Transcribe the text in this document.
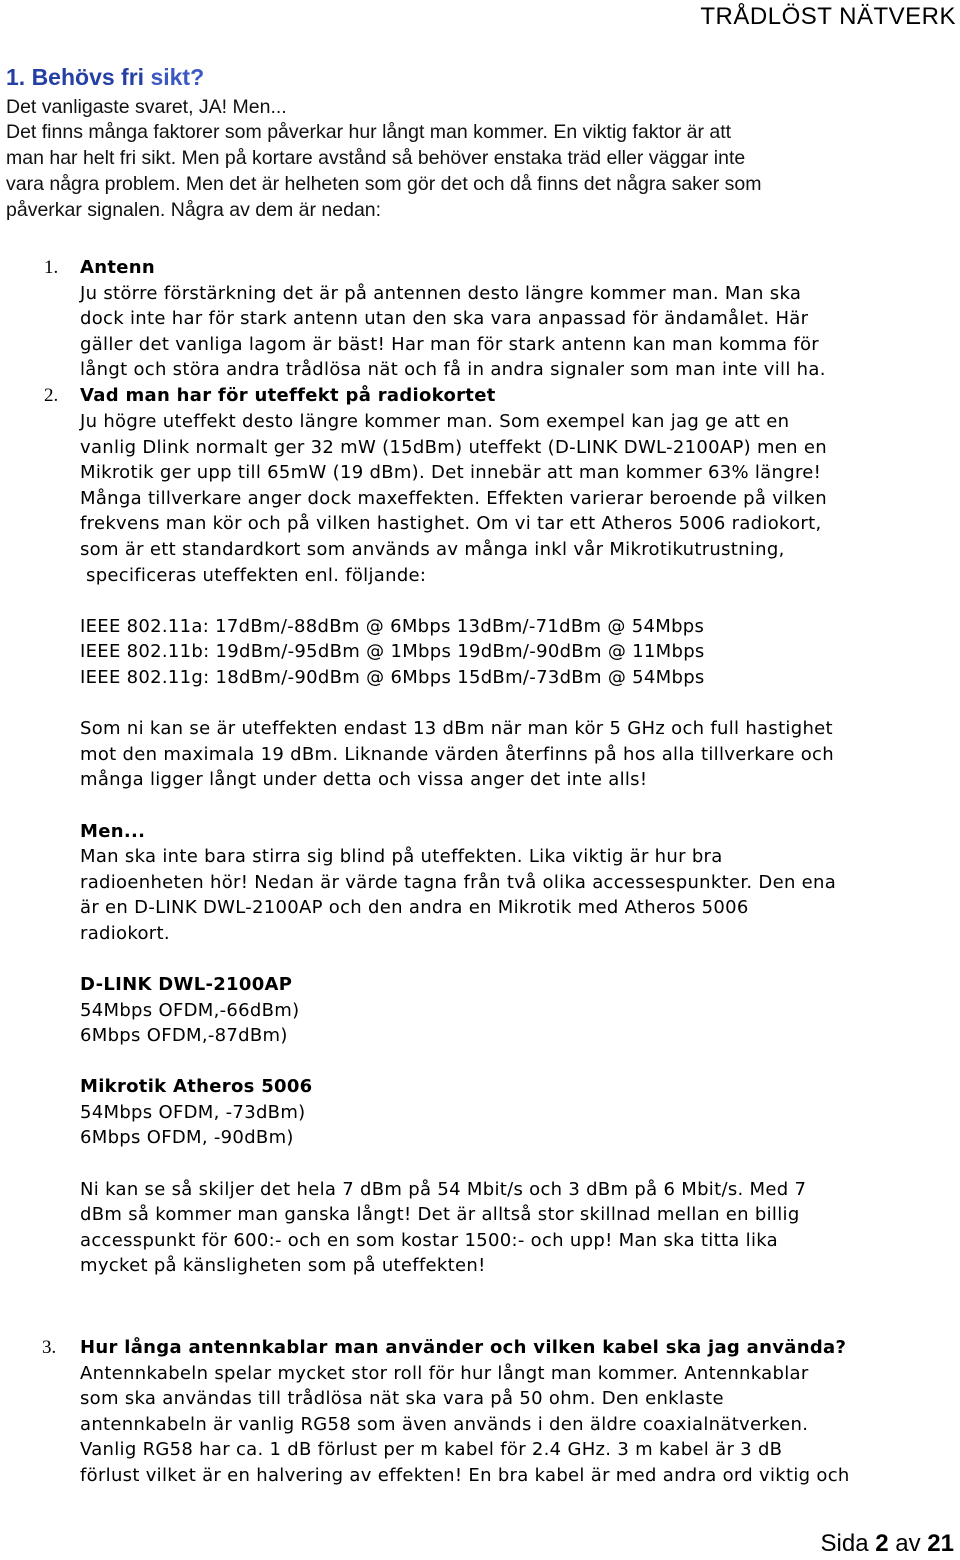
TRÅDLÖST NÄTVERK
1. Behövs fri sikt?
Det vanligaste svaret, JA! Men...
Det finns många faktorer som påverkar hur långt man kommer. En viktig faktor är att
man har helt fri sikt. Men på kortare avstånd så behöver enstaka träd eller väggar inte
vara några problem. Men det är helheten som gör det och då finns det några saker som
påverkar signalen. Några av dem är nedan:
1. Antenn
Ju större förstärkning det är på antennen desto längre kommer man. Man ska
dock inte har för stark antenn utan den ska vara anpassad för ändamålet. Här
gäller det vanliga lagom är bäst! Har man för stark antenn kan man komma för
långt och störa andra trådlösa nät och få in andra signaler som man inte vill ha.
2. Vad man har för uteffekt på radiokortet
Ju högre uteffekt desto längre kommer man. Som exempel kan jag ge att en
vanlig Dlink normalt ger 32 mW (15dBm) uteffekt (D-LINK DWL-2100AP) men en
Mikrotik ger upp till 65mW (19 dBm). Det innebär att man kommer 63% längre!
Många tillverkare anger dock maxeffekten. Effekten varierar beroende på vilken
frekvens man kör och på vilken hastighet. Om vi tar ett Atheros 5006 radiokort,
som är ett standardkort som används av många inkl vår Mikrotikutrustning,
specificeras uteffekten enl. följande:
IEEE 802.11a: 17dBm/-88dBm @ 6Mbps 13dBm/-71dBm @ 54Mbps
IEEE 802.11b: 19dBm/-95dBm @ 1Mbps 19dBm/-90dBm @ 11Mbps
IEEE 802.11g: 18dBm/-90dBm @ 6Mbps 15dBm/-73dBm @ 54Mbps
Som ni kan se är uteffekten endast 13 dBm när man kör 5 GHz och full hastighet
mot den maximala 19 dBm. Liknande värden återfinns på hos alla tillverkare och
många ligger långt under detta och vissa anger det inte alls!
Men...
Man ska inte bara stirra sig blind på uteffekten. Lika viktig är hur bra
radioenheten hör! Nedan är värde tagna från två olika accessespunkter. Den ena
är en D-LINK DWL-2100AP och den andra en Mikrotik med Atheros 5006
radiokort.
D-LINK DWL-2100AP
54Mbps OFDM,-66dBm)
6Mbps OFDM,-87dBm)
Mikrotik Atheros 5006
54Mbps OFDM, -73dBm)
6Mbps OFDM, -90dBm)
Ni kan se så skiljer det hela 7 dBm på 54 Mbit/s och 3 dBm på 6 Mbit/s. Med 7
dBm så kommer man ganska långt! Det är alltså stor skillnad mellan en billig
accesspunkt för 600:- och en som kostar 1500:- och upp! Man ska titta lika
mycket på känsligheten som på uteffekten!
3. Hur långa antennkablar man använder och vilken kabel ska jag använda?
Antennkabeln spelar mycket stor roll för hur långt man kommer. Antennkablar
som ska användas till trådlösa nät ska vara på 50 ohm. Den enklaste
antennkabeln är vanlig RG58 som även används i den äldre coaxialnätverken.
Vanlig RG58 har ca. 1 dB förlust per m kabel för 2.4 GHz. 3 m kabel är 3 dB
förlust vilket är en halvering av effekten! En bra kabel är med andra ord viktig och
Sida 2 av 21
